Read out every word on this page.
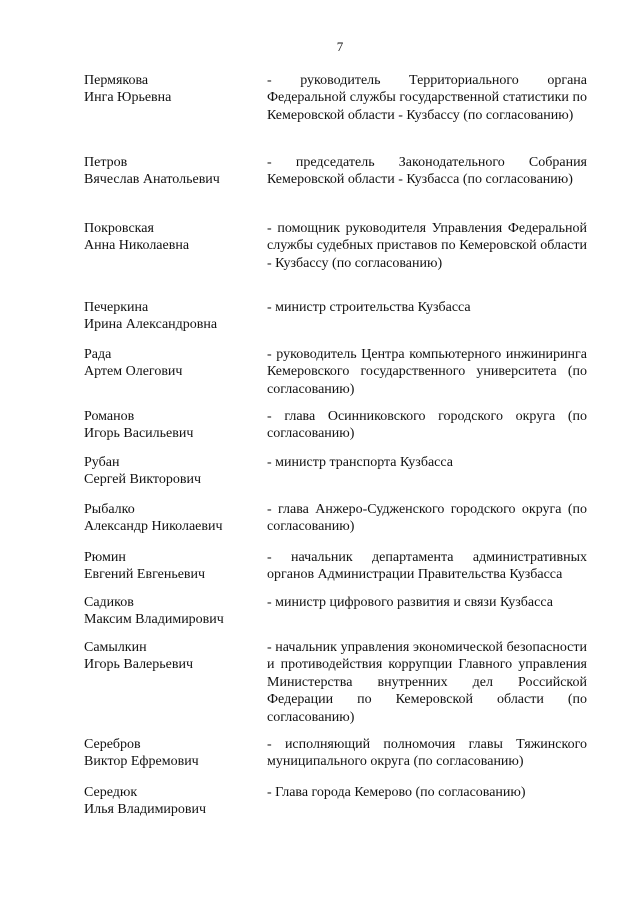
7
Пермякова
Инга Юрьевна
- руководитель Территориального органа Федеральной службы государственной статистики по Кемеровской области - Кузбассу (по согласованию)
Петров
Вячеслав Анатольевич
- председатель Законодательного Собрания Кемеровской области - Кузбасса (по согласованию)
Покровская
Анна Николаевна
- помощник руководителя Управления Федеральной службы судебных приставов по Кемеровской области - Кузбассу (по согласованию)
Печеркина
Ирина Александровна
- министр строительства Кузбасса
Рада
Артем Олегович
- руководитель Центра компьютерного инжиниринга Кемеровского государственного университета (по согласованию)
Романов
Игорь Васильевич
- глава Осинниковского городского округа (по согласованию)
Рубан
Сергей Викторович
- министр транспорта Кузбасса
Рыбалко
Александр Николаевич
- глава Анжеро-Судженского городского округа (по согласованию)
Рюмин
Евгений Евгеньевич
- начальник департамента административных органов Администрации Правительства Кузбасса
Садиков
Максим Владимирович
- министр цифрового развития и связи Кузбасса
Самылкин
Игорь Валерьевич
- начальник управления экономической безопасности и противодействия коррупции Главного управления Министерства внутренних дел Российской Федерации по Кемеровской области (по согласованию)
Серебров
Виктор Ефремович
- исполняющий полномочия главы Тяжинского муниципального округа (по согласованию)
Середюк
Илья Владимирович
- Глава города Кемерово (по согласованию)
